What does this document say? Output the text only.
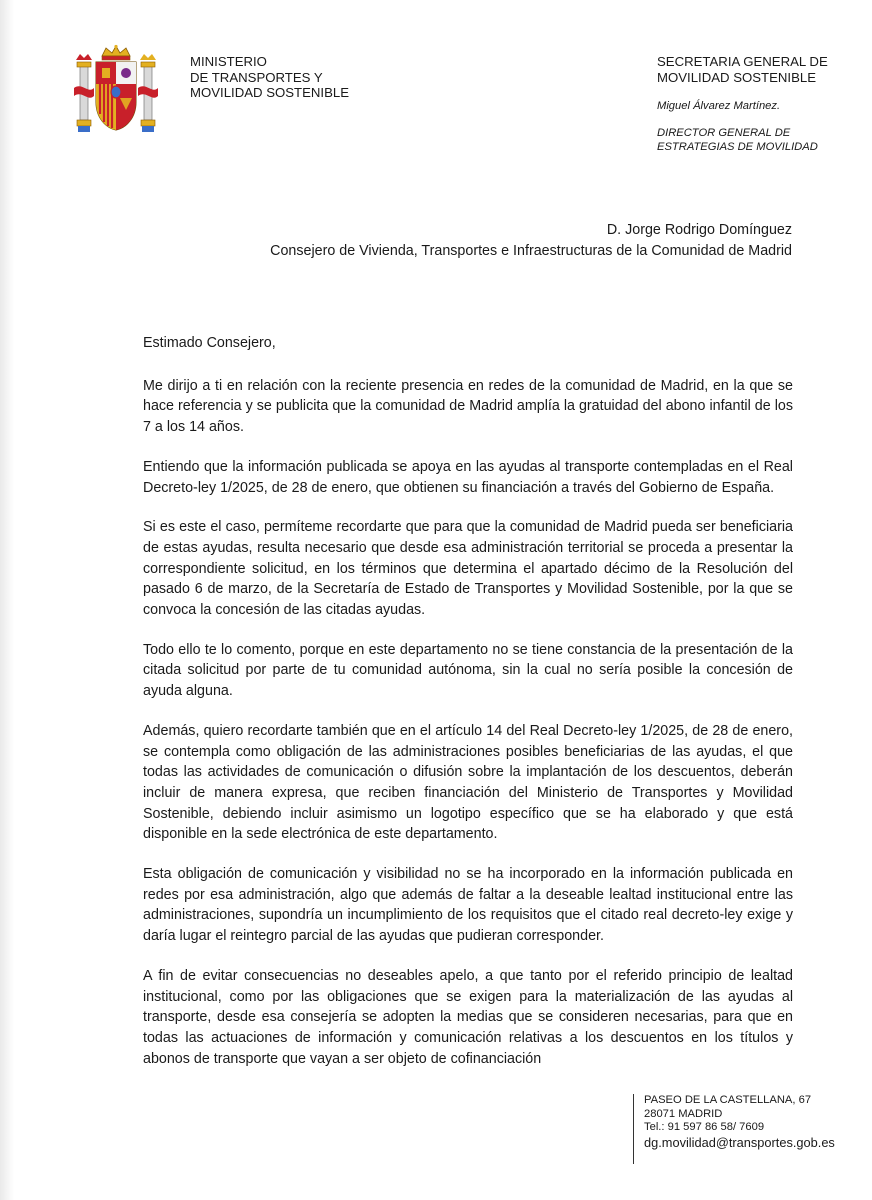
MINISTERIO
DE TRANSPORTES Y
MOVILIDAD SOSTENIBLE
SECRETARIA GENERAL DE
MOVILIDAD SOSTENIBLE
Miguel Álvarez Martínez.
DIRECTOR GENERAL DE
ESTRATEGIAS DE MOVILIDAD
D. Jorge Rodrigo Domínguez
Consejero de Vivienda, Transportes e Infraestructuras de la Comunidad de Madrid

Estimado Consejero,

Me dirijo a ti en relación con la reciente presencia en redes de la comunidad de Madrid, en la que se hace referencia y se publicita que la comunidad de Madrid amplía la gratuidad del abono infantil de los 7 a los 14 años.

Entiendo que la información publicada se apoya en las ayudas al transporte contempladas en el Real Decreto-ley 1/2025, de 28 de enero, que obtienen su financiación a través del Gobierno de España.

Si es este el caso, permíteme recordarte que para que la comunidad de Madrid pueda ser beneficiaria de estas ayudas, resulta necesario que desde esa administración territorial se proceda a presentar la correspondiente solicitud, en los términos que determina el apartado décimo de la Resolución del pasado 6 de marzo, de la Secretaría de Estado de Transportes y Movilidad Sostenible, por la que se convoca la concesión de las citadas ayudas.

Todo ello te lo comento, porque en este departamento no se tiene constancia de la presentación de la citada solicitud por parte de tu comunidad autónoma, sin la cual no sería posible la concesión de ayuda alguna.

Además, quiero recordarte también que en el artículo 14 del Real Decreto-ley 1/2025, de 28 de enero, se contempla como obligación de las administraciones posibles beneficiarias de las ayudas, el que todas las actividades de comunicación o difusión sobre la implantación de los descuentos, deberán incluir de manera expresa, que reciben financiación del Ministerio de Transportes y Movilidad Sostenible, debiendo incluir asimismo un logotipo específico que se ha elaborado y que está disponible en la sede electrónica de este departamento.

Esta obligación de comunicación y visibilidad no se ha incorporado en la información publicada en redes por esa administración, algo que además de faltar a la deseable lealtad institucional entre las administraciones, supondría un incumplimiento de los requisitos que el citado real decreto-ley exige y daría lugar el reintegro parcial de las ayudas que pudieran corresponder.

A fin de evitar consecuencias no deseables apelo, a que tanto por el referido principio de lealtad institucional, como por las obligaciones que se exigen para la materialización de las ayudas al transporte, desde esa consejería se adopten la medias que se consideren necesarias, para que en todas las actuaciones de información y comunicación relativas a los descuentos en los títulos y abonos de transporte que vayan a ser objeto de cofinanciación

PASEO DE LA CASTELLANA, 67
28071 MADRID
Tel.: 91 597 86 58/ 7609
dg.movilidad@transportes.gob.es
